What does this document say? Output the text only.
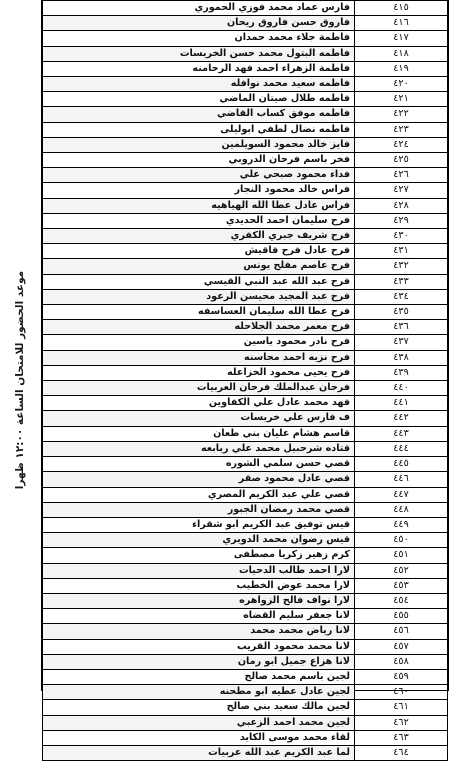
موعد الحضور للامتحان الساعة ١٢:٠٠ ظهرا
٤١٥	فارس عماد محمد فوزي الحموري
٤١٦	فاروق حسن فاروق ريحان
٤١٧	فاطمة جلاء محمد حمدان
٤١٨	فاطمه البتول محمد حسن الخريسات
٤١٩	فاطمة الزهراء احمد فهد الرحامنه
٤٢٠	فاطمه سعيد محمد نوافله
٤٢١	فاطمه طلال صيتان الماضي
٤٢٢	فاطمه موفق كساب القاضي
٤٢٣	فاطمه نضال لطفي ابوليلى
٤٢٤	فايز خالد محمود السويلمين
٤٢٥	فخر باسم فرحان الدروبي
٤٢٦	فداء محمود صبحي علي
٤٢٧	فراس خالد محمود النجار
٤٢٨	فراس عادل عطا الله الهياهيه
٤٢٩	فرح سليمان احمد الحديدي
٤٣٠	فرح شريف جبري الكفري
٤٣١	فرح عادل فرح قاقيش
٤٣٢	فرح عاصم مفلح يونس
٤٣٣	فرح عبد الله عبد النبي القيسي
٤٣٤	فرح عبد المجيد محيسن الرعود
٤٣٥	فرح عطا الله سليمان العساسفه
٤٣٦	فرح معمر محمد الجلاحله
٤٣٧	فرح نادر محمود ياسين
٤٣٨	فرح نزيه احمد محاسنه
٤٣٩	فرح يحيى محمود الخزاعله
٤٤٠	فرحان عبدالملك فرحان العربيات
٤٤١	فهد محمد عادل علي الكفاوين
٤٤٢	ف فارس علي خريسات
٤٤٣	قاسم هشام عليان بني طعان
٤٤٤	قتاده شرحبيل محمد علي ربابعه
٤٤٥	قصي حسن سلمي الشوره
٤٤٦	قصي عادل محمود صقر
٤٤٧	قصي علي عبد الكريم المصري
٤٤٨	قصي محمد رمضان الجبور
٤٤٩	قيس توفيق عبد الكريم ابو شقراء
٤٥٠	قيس رضوان محمد الدويري
٤٥١	كرم زهير زكريا مصطفى
٤٥٢	لارا احمد طالب الدحيات
٤٥٣	لارا محمد عوض الخطيب
٤٥٤	لارا نواف فالح الزواهره
٤٥٥	لانا جعفر سليم القضاه
٤٥٦	لانا رياض محمد محمد
٤٥٧	لانا محمد محمود القريب
٤٥٨	لانا هزاع جميل ابو رمان
٤٥٩	لجين باسم محمد صالح
٤٦٠	لجين عادل عطيه ابو مطحنه
٤٦١	لجين مالك سعيد بني صالح
٤٦٢	لجين محمد احمد الزعبي
٤٦٣	لقاء محمد موسى الكايد
٤٦٤	لما عبد الكريم عبد الله عربيات
